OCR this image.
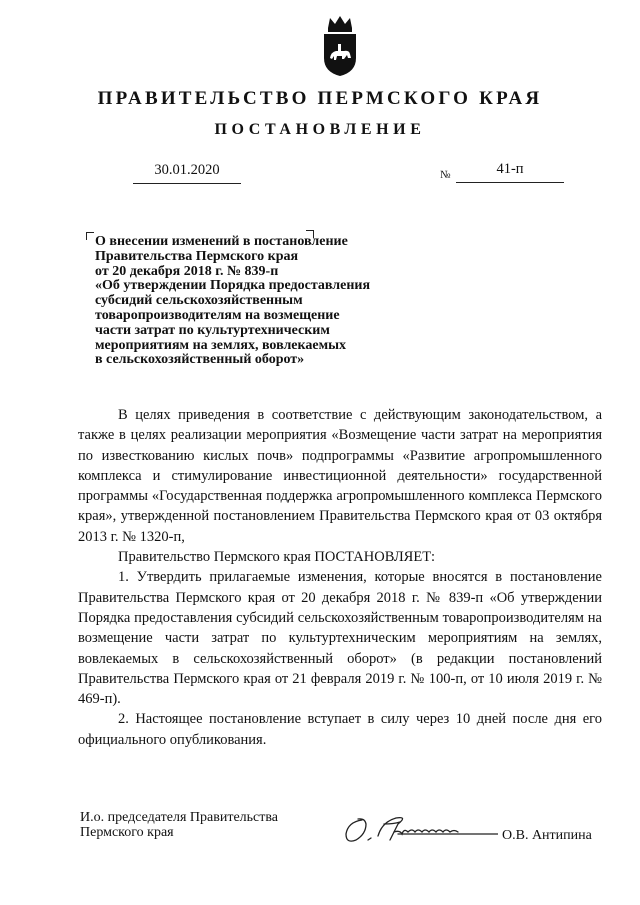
ПРАВИТЕЛЬСТВО ПЕРМСКОГО КРАЯ
ПОСТАНОВЛЕНИЕ
30.01.2020	№	41-п
О внесении изменений в постановление
Правительства Пермского края
от 20 декабря 2018 г. № 839-п
«Об утверждении Порядка предоставления
субсидий сельскохозяйственным
товаропроизводителям на возмещение
части затрат по культуртехническим
мероприятиям на землях, вовлекаемых
в сельскохозяйственный оборот»

В целях приведения в соответствие с действующим законодательством, а также в целях реализации мероприятия «Возмещение части затрат на мероприятия по известкованию кислых почв» подпрограммы «Развитие агропромышленного комплекса и стимулирование инвестиционной деятельности» государственной программы «Государственная поддержка агропромышленного комплекса Пермского края», утвержденной постановлением Правительства Пермского края от 03 октября 2013 г. № 1320-п,

Правительство Пермского края ПОСТАНОВЛЯЕТ:

1. Утвердить прилагаемые изменения, которые вносятся в постановление Правительства Пермского края от 20 декабря 2018 г. № 839-п «Об утверждении Порядка предоставления субсидий сельскохозяйственным товаропроизводителям на возмещение части затрат по культуртехническим мероприятиям на землях, вовлекаемых в сельскохозяйственный оборот» (в редакции постановлений Правительства Пермского края от 21 февраля 2019 г. № 100-п, от 10 июля 2019 г. № 469-п).

2. Настоящее постановление вступает в силу через 10 дней после дня его официального опубликования.

И.о. председателя Правительства
Пермского края	О.В. Антипина
